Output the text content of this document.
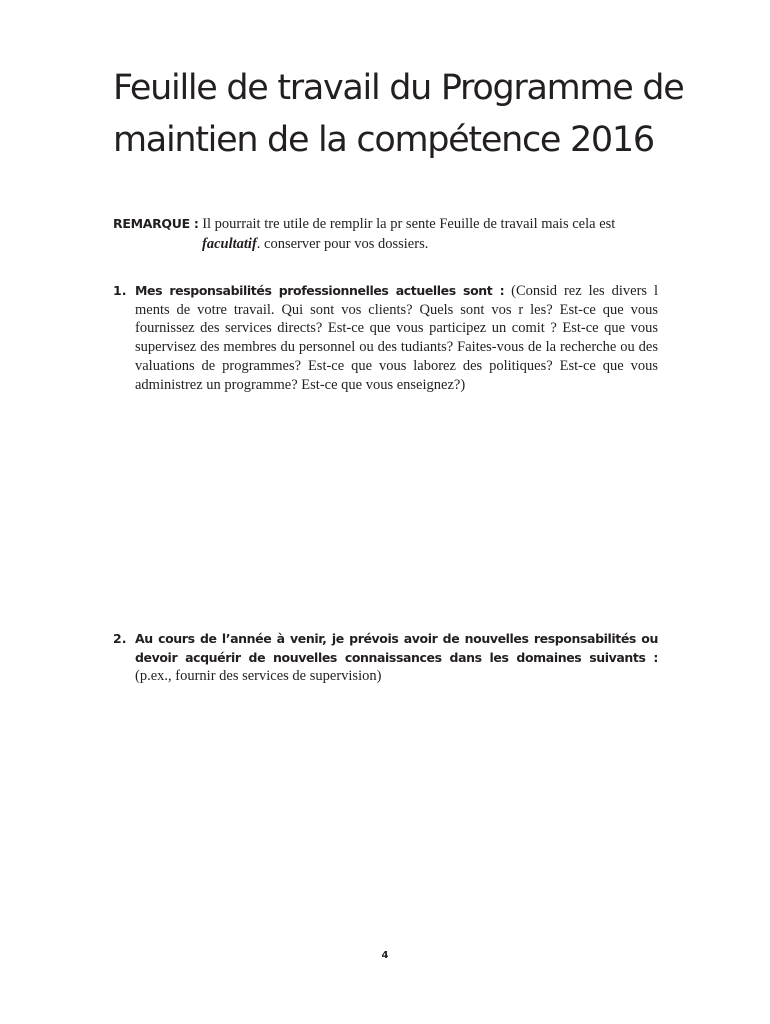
Feuille de travail du Programme de
maintien de la compétence 2016
REMARQUE : Il pourrait tre utile de remplir la pr sente Feuille de travail mais cela est
facultatif. conserver pour vos dossiers.
1. Mes responsabilités professionnelles actuelles sont : (Consid rez les divers l ments de votre travail. Qui sont vos clients? Quels sont vos r les? Est-ce que vous fournissez des services directs? Est-ce que vous participez un comit ? Est-ce que vous supervisez des membres du personnel ou des tudiants? Faites-vous de la recherche ou des valuations de programmes? Est-ce que vous laborez des politiques? Est-ce que vous administrez un programme? Est-ce que vous enseignez?)
2. Au cours de l’année à venir, je prévois avoir de nouvelles responsabilités ou devoir acquérir de nouvelles connaissances dans les domaines suivants : (p.ex., fournir des services de supervision)
4
